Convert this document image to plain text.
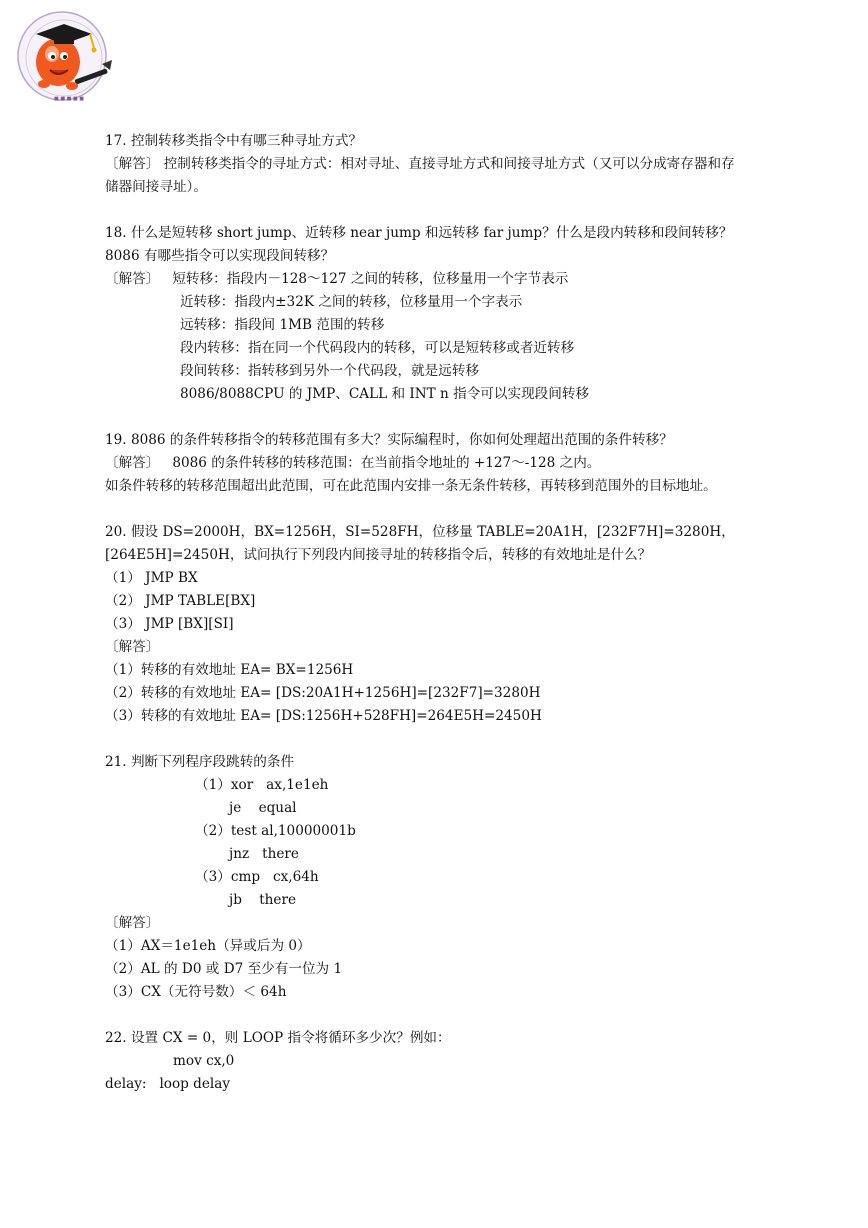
■ ■ ■ ■ ■
17. 控制转移类指令中有哪三种寻址方式？
〔解答〕 控制转移类指令的寻址方式：相对寻址、直接寻址方式和间接寻址方式（又可以分成寄存器和存储器间接寻址）。
18. 什么是短转移 short jump、近转移 near jump 和远转移 far jump？什么是段内转移和段间转移？8086 有哪些指令可以实现段间转移？
〔解答〕   短转移：指段内－128～127 之间的转移，位移量用一个字节表示
近转移：指段内±32K 之间的转移，位移量用一个字表示
远转移：指段间 1MB 范围的转移
段内转移：指在同一个代码段内的转移，可以是短转移或者近转移
段间转移：指转移到另外一个代码段，就是远转移
8086/8088CPU 的 JMP、CALL 和 INT n 指令可以实现段间转移
19. 8086 的条件转移指令的转移范围有多大？实际编程时，你如何处理超出范围的条件转移？
〔解答〕   8086 的条件转移的转移范围：在当前指令地址的 +127～-128 之内。
如条件转移的转移范围超出此范围，可在此范围内安排一条无条件转移，再转移到范围外的目标地址。
20. 假设 DS=2000H，BX=1256H，SI=528FH，位移量 TABLE=20A1H，[232F7H]=3280H，[264E5H]=2450H，试问执行下列段内间接寻址的转移指令后，转移的有效地址是什么？
（1） JMP BX
（2） JMP TABLE[BX]
（3） JMP [BX][SI]
〔解答〕
（1）转移的有效地址 EA= BX=1256H
（2）转移的有效地址 EA= [DS:20A1H+1256H]=[232F7]=3280H
（3）转移的有效地址 EA= [DS:1256H+528FH]=264E5H=2450H
21. 判断下列程序段跳转的条件
（1）xor   ax,1e1eh
je    equal
（2）test al,10000001b
jnz   there
（3）cmp   cx,64h
jb    there
〔解答〕
（1）AX＝1e1eh（异或后为 0）
（2）AL 的 D0 或 D7 至少有一位为 1
（3）CX（无符号数）＜ 64h
22. 设置 CX = 0，则 LOOP 指令将循环多少次？例如：
mov cx,0
delay: loop delay
